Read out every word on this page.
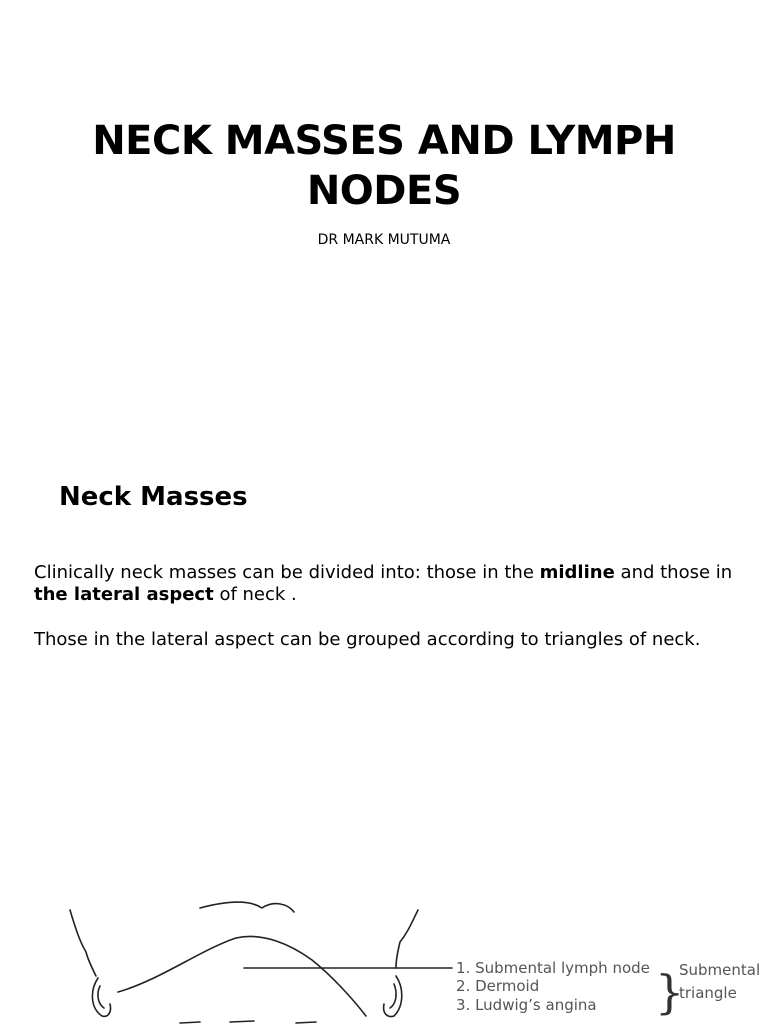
NECK MASSES AND LYMPH NODES
DR MARK MUTUMA
Neck Masses
Clinically neck masses can be divided into: those in the midline and those in the lateral aspect of neck .
Those in the lateral aspect can be grouped according to triangles of neck.
1. Submental lymph node
2. Dermoid
3. Ludwig’s angina }
Submental
triangle
